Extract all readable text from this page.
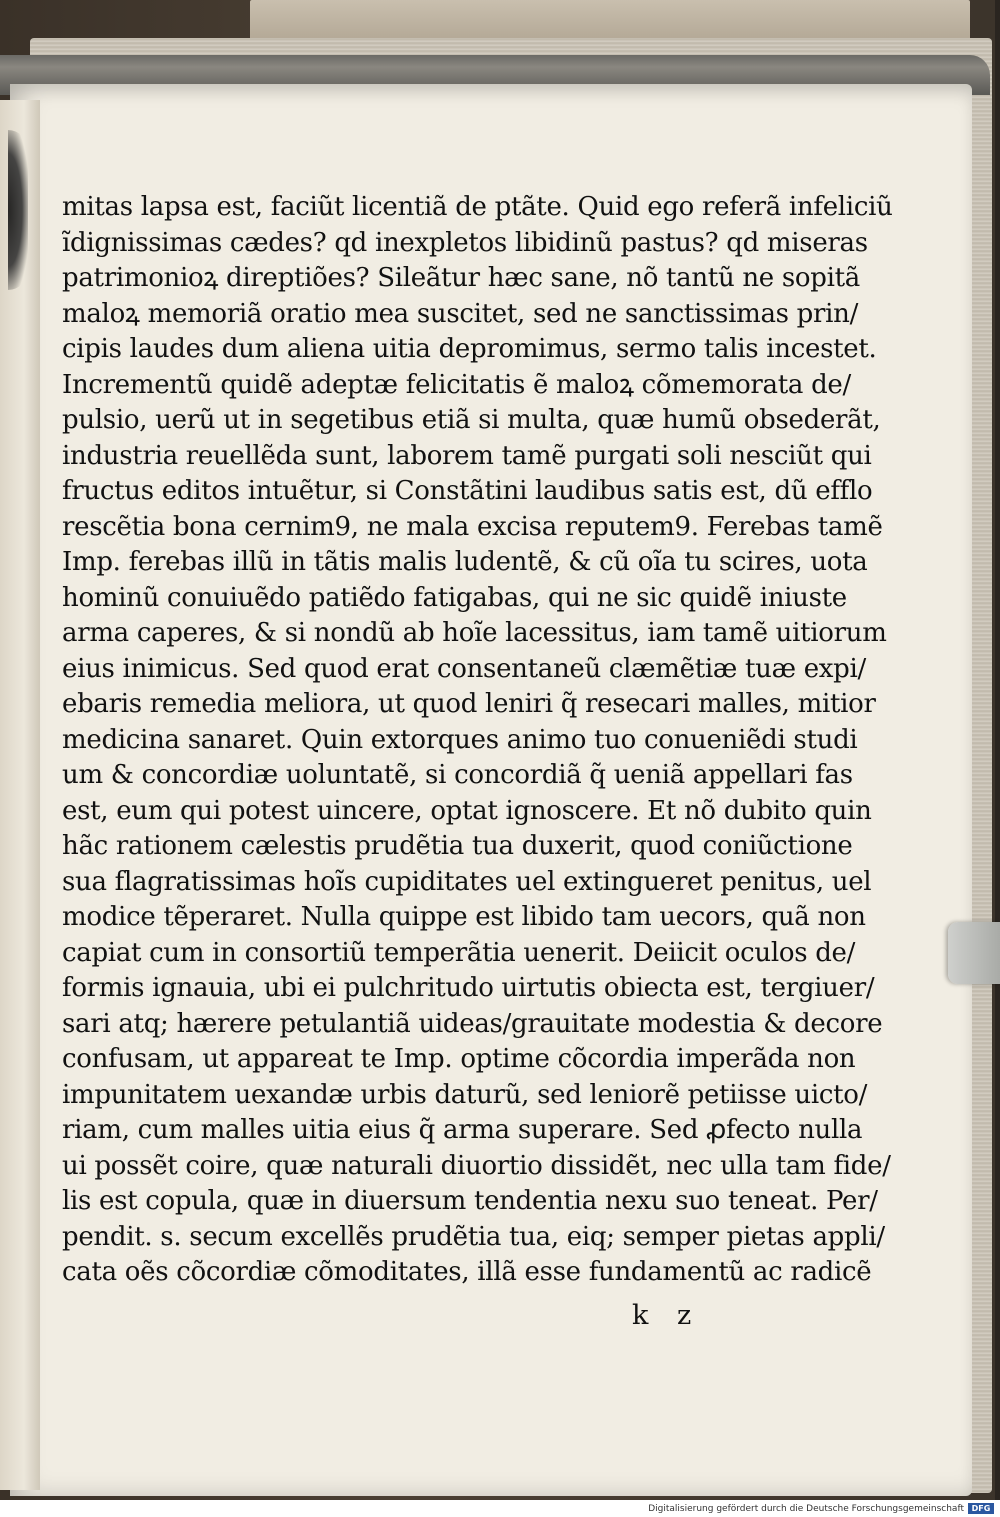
mitas lapsa est, faciũt licentiã de ptãte. Quid ego referã infeliciũ
ĩdignissimas cædes? qd inexpletos libidinũ pastus? qd miseras
patrimonioꝝ direptiões? Sileãtur hæc sane, nõ tantũ ne sopitã
maloꝝ memoriã oratio mea suscitet, sed ne sanctissimas prin/
cipis laudes dum aliena uitia depromimus, sermo talis incestet.
Incrementũ quidẽ adeptæ felicitatis ẽ maloꝝ cõmemorata de/
pulsio, uerũ ut in segetibus etiã si multa, quæ humũ obsederãt,
industria reuellẽda sunt, laborem tamẽ purgati soli nesciũt qui
fructus editos intuẽtur, si Constãtini laudibus satis est, dũ efflo
rescẽtia bona cernim9, ne mala excisa reputem9. Ferebas tamẽ
Imp. ferebas illũ in tãtis malis ludentẽ, & cũ oĩa tu scires, uota
hominũ conuiuẽdo patiẽdo fatigabas, qui ne sic quidẽ iniuste
arma caperes, & si nondũ ab hoĩe lacessitus, iam tamẽ uitiorum
eius inimicus. Sed quod erat consentaneũ clæmẽtiæ tuæ expi/
ebaris remedia meliora, ut quod leniri q̃ resecari malles, mitior
medicina sanaret. Quin extorques animo tuo conueniẽdi studi
um & concordiæ uoluntatẽ, si concordiã q̃ ueniã appellari fas
est, eum qui potest uincere, optat ignoscere. Et nõ dubito quin
hãc rationem cælestis prudẽtia tua duxerit, quod coniũctione
sua flagratissimas hoĩs cupiditates uel extingueret penitus, uel
modice tẽperaret. Nulla quippe est libido tam uecors, quã non
capiat cum in consortiũ temperãtia uenerit. Deiicit oculos de/
formis ignauia, ubi ei pulchritudo uirtutis obiecta est, tergiuer/
sari atq; hærere petulantiã uideas/grauitate modestia & decore
confusam, ut appareat te Imp. optime cõcordia imperãda non
impunitatem uexandæ urbis daturũ, sed leniorẽ petiisse uicto/
riam, cum malles uitia eius q̃ arma superare. Sed ꝓfecto nulla
ui possẽt coire, quæ naturali diuortio dissidẽt, nec ulla tam fide/
lis est copula, quæ in diuersum tendentia nexu suo teneat. Per/
pendit. s. secum excellẽs prudẽtia tua, eiq; semper pietas appli/
cata oẽs cõcordiæ cõmoditates, illã esse fundamentũ ac radicẽ
k z
Digitalisierung gefördert durch die Deutsche Forschungsgemeinschaft DFG
